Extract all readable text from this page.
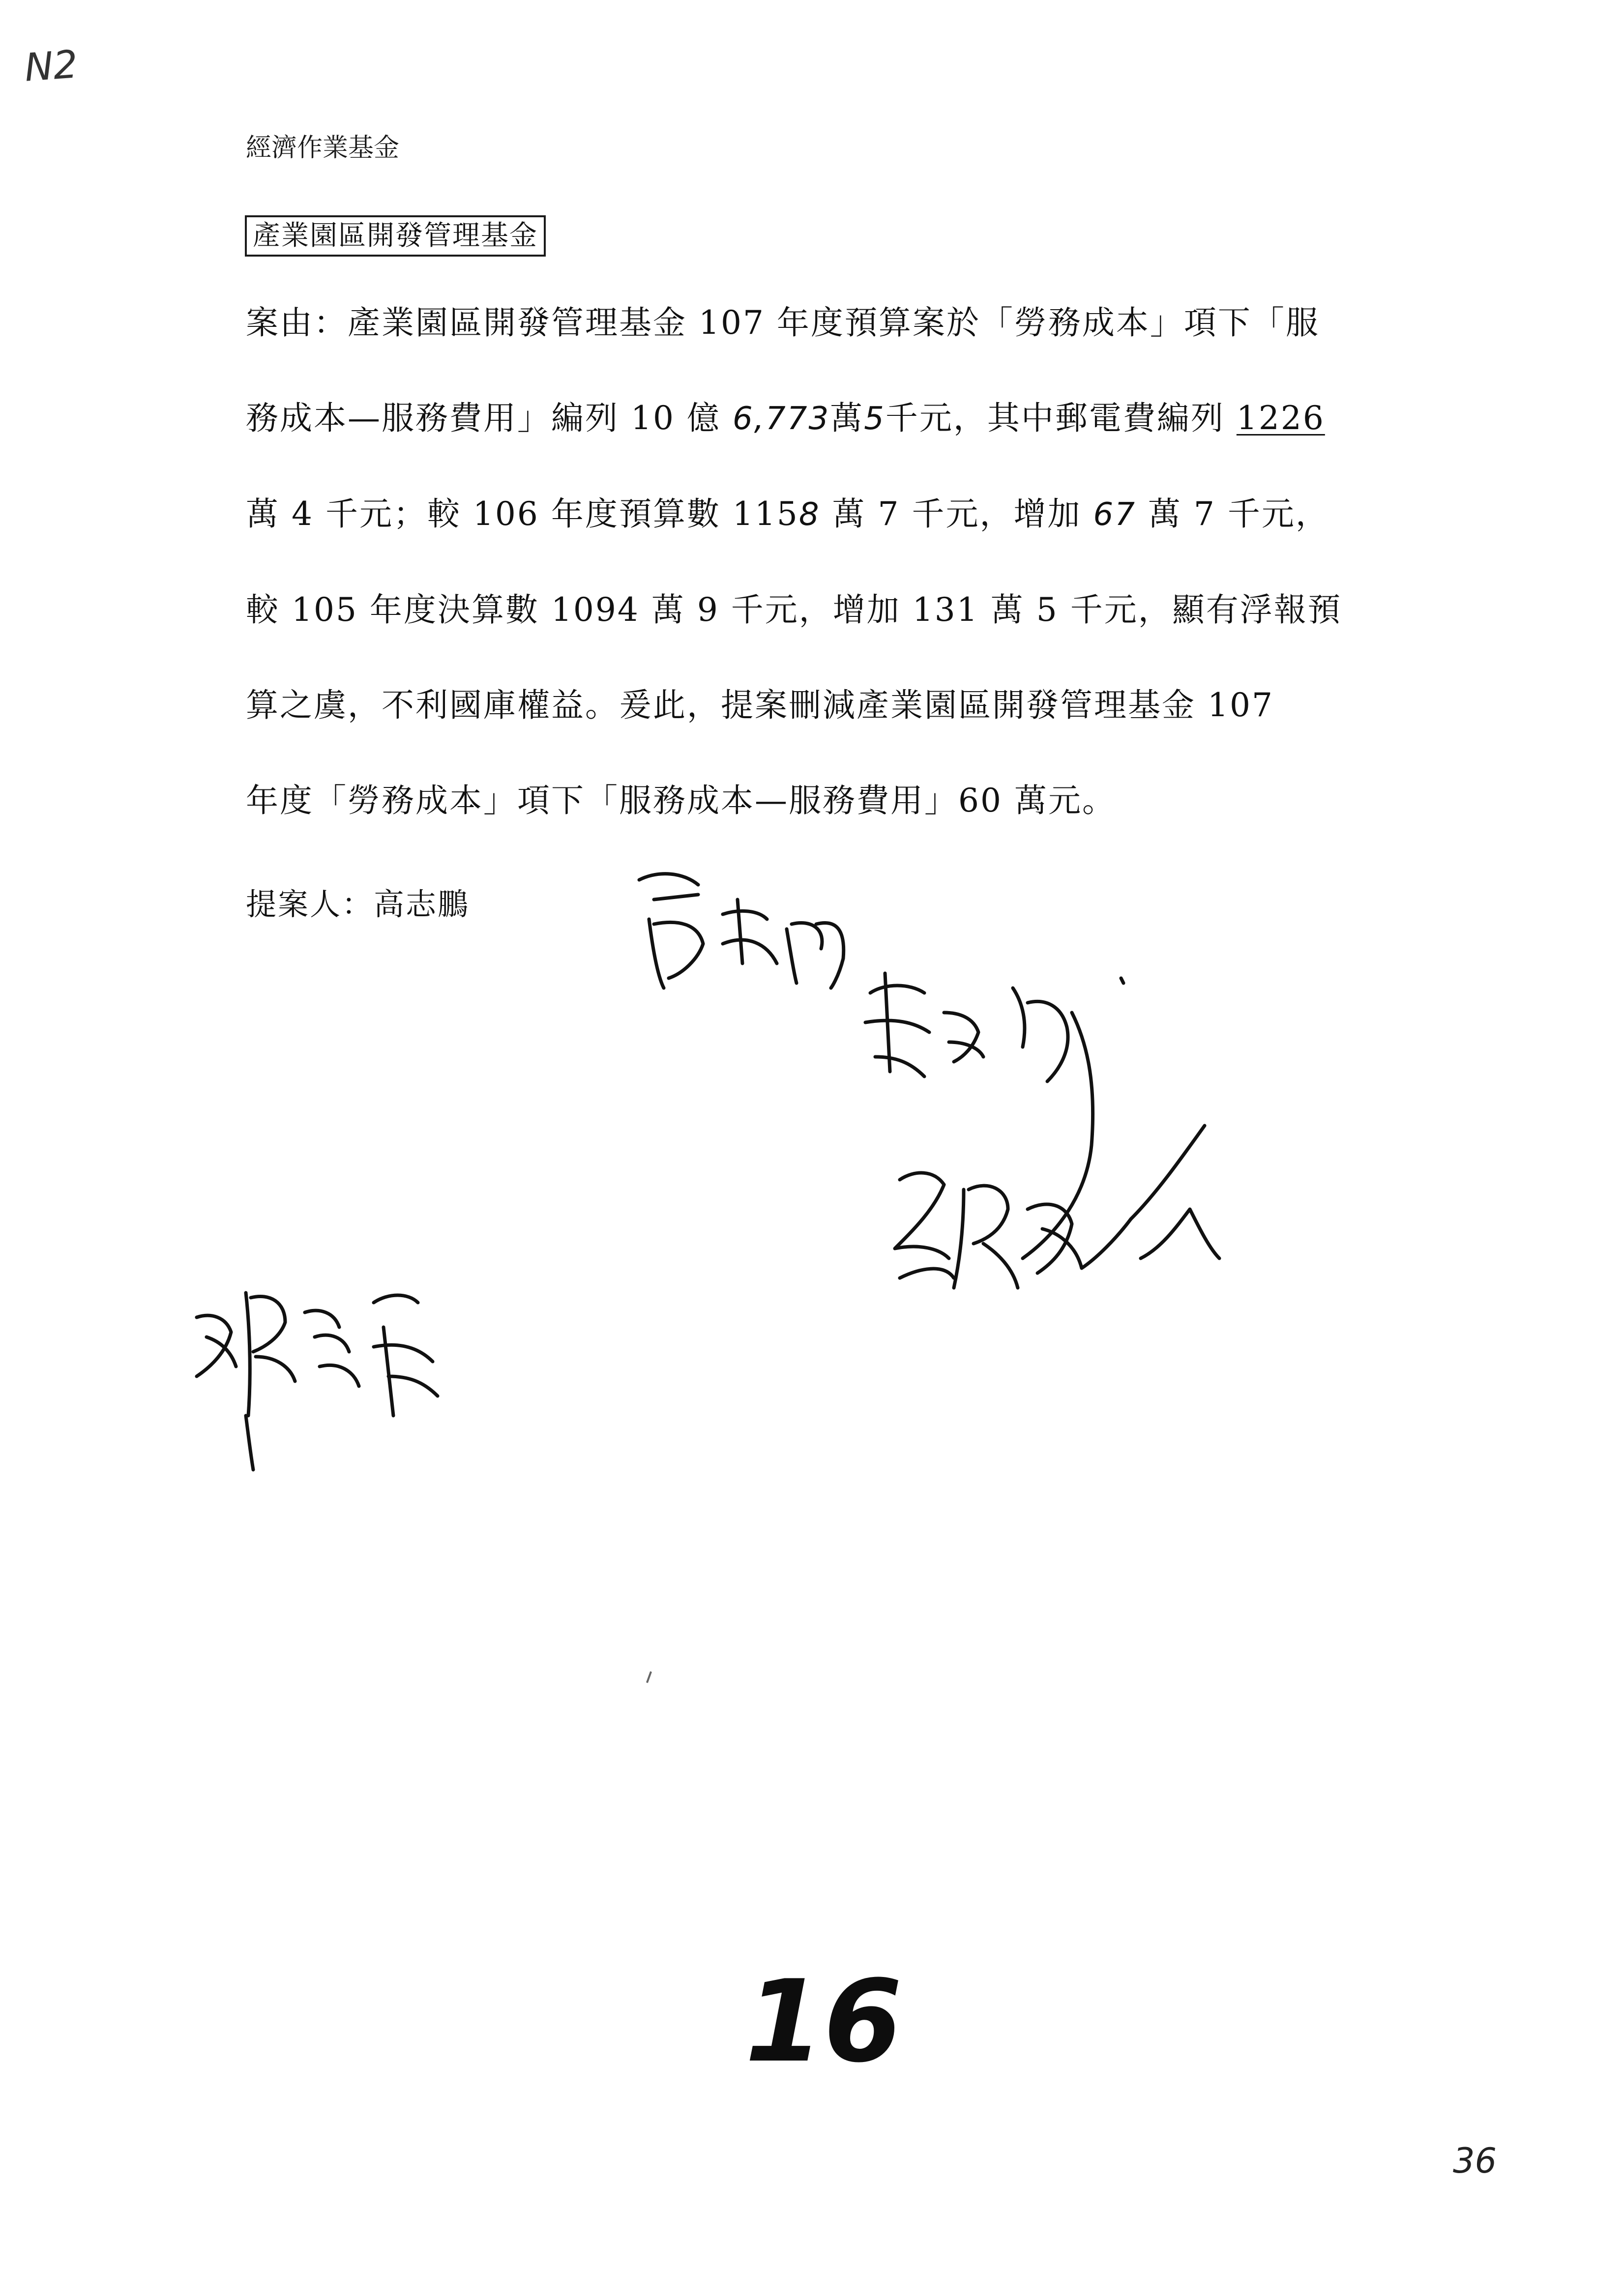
N2
經濟作業基金
產業園區開發管理基金
案由：產業園區開發管理基金 107 年度預算案於「勞務成本」項下「服
務成本—服務費用」編列 10 億 6,773萬5千元，其中郵電費編列 1226
萬 4 千元；較 106 年度預算數 1158 萬 7 千元，增加 67 萬 7 千元，
較 105 年度決算數 1094 萬 9 千元，增加 131 萬 5 千元，顯有浮報預
算之虞，不利國庫權益。爰此，提案刪減產業園區開發管理基金 107
年度「勞務成本」項下「服務成本—服務費用」60 萬元。
提案人：高志鵬
16
36
